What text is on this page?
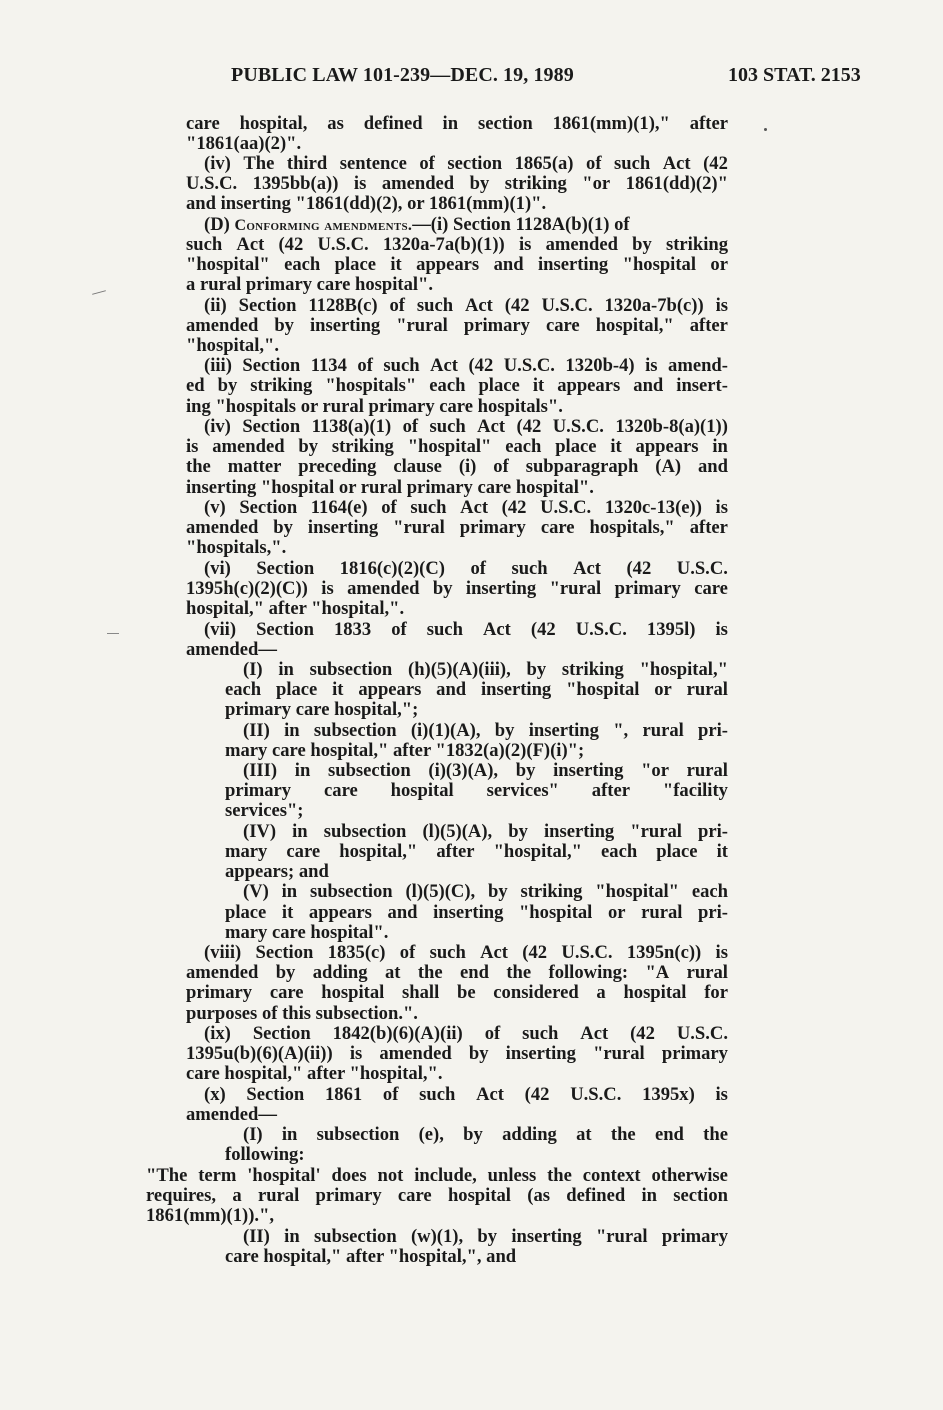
PUBLIC LAW 101-239—DEC. 19, 1989	103 STAT. 2153
care hospital, as defined in section 1861(mm)(1)," after
"1861(aa)(2)".
(iv) The third sentence of section 1865(a) of such Act (42
U.S.C. 1395bb(a)) is amended by striking "or 1861(dd)(2)"
and inserting "1861(dd)(2), or 1861(mm)(1)".
(D) Conforming amendments.—(i) Section 1128A(b)(1) of
such Act (42 U.S.C. 1320a-7a(b)(1)) is amended by striking
"hospital" each place it appears and inserting "hospital or
a rural primary care hospital".
(ii) Section 1128B(c) of such Act (42 U.S.C. 1320a-7b(c)) is
amended by inserting "rural primary care hospital," after
"hospital,".
(iii) Section 1134 of such Act (42 U.S.C. 1320b-4) is amend-
ed by striking "hospitals" each place it appears and insert-
ing "hospitals or rural primary care hospitals".
(iv) Section 1138(a)(1) of such Act (42 U.S.C. 1320b-8(a)(1))
is amended by striking "hospital" each place it appears in
the matter preceding clause (i) of subparagraph (A) and
inserting "hospital or rural primary care hospital".
(v) Section 1164(e) of such Act (42 U.S.C. 1320c-13(e)) is
amended by inserting "rural primary care hospitals," after
"hospitals,".
(vi) Section 1816(c)(2)(C) of such Act (42 U.S.C.
1395h(c)(2)(C)) is amended by inserting "rural primary care
hospital," after "hospital,".
(vii) Section 1833 of such Act (42 U.S.C. 1395l) is
amended—
(I) in subsection (h)(5)(A)(iii), by striking "hospital,"
each place it appears and inserting "hospital or rural
primary care hospital,";
(II) in subsection (i)(1)(A), by inserting ", rural pri-
mary care hospital," after "1832(a)(2)(F)(i)";
(III) in subsection (i)(3)(A), by inserting "or rural
primary care hospital services" after "facility
services";
(IV) in subsection (l)(5)(A), by inserting "rural pri-
mary care hospital," after "hospital," each place it
appears; and
(V) in subsection (l)(5)(C), by striking "hospital" each
place it appears and inserting "hospital or rural pri-
mary care hospital".
(viii) Section 1835(c) of such Act (42 U.S.C. 1395n(c)) is
amended by adding at the end the following: "A rural
primary care hospital shall be considered a hospital for
purposes of this subsection.".
(ix) Section 1842(b)(6)(A)(ii) of such Act (42 U.S.C.
1395u(b)(6)(A)(ii)) is amended by inserting "rural primary
care hospital," after "hospital,".
(x) Section 1861 of such Act (42 U.S.C. 1395x) is
amended—
(I) in subsection (e), by adding at the end the
following:
"The term 'hospital' does not include, unless the context otherwise
requires, a rural primary care hospital (as defined in section
1861(mm)(1)).",
(II) in subsection (w)(1), by inserting "rural primary
care hospital," after "hospital,", and
